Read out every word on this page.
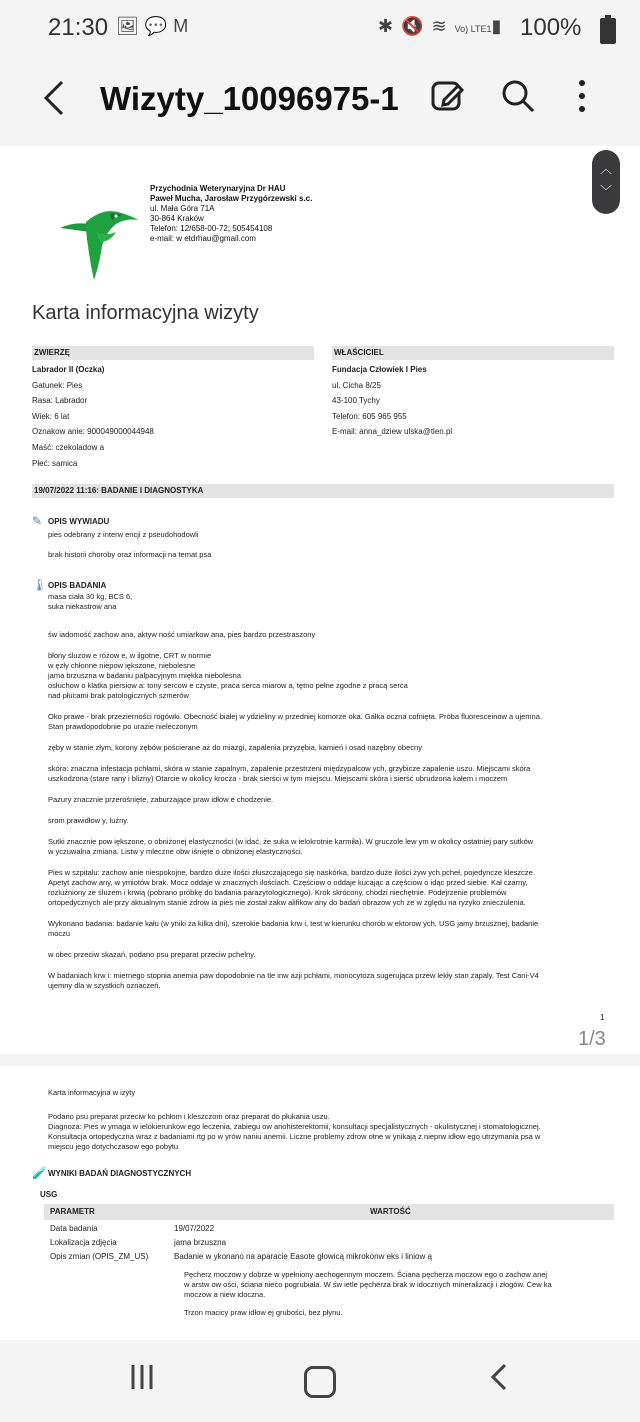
21:30 🖼💬M	✱🔇≋Vo) LTE1▮ 100%
Wizyty_10096975-1
︿
﹀
Przychodnia Weterynaryjna Dr HAU
Paweł Mucha, Jarosław Przygórzewski s.c.
ul. Mała Góra 71A
30-864 Kraków
Telefon: 12/658-00-72; 505454108
e-mail: w etdrhau@gmail.com
Karta informacyjna wizyty
ZWIERZĘ
Labrador II (Oczka)
Gatunek: Pies
Rasa: Labrador
Wiek: 6 lat
Oznakow anie: 900049000044948
Maść: czekoladow a
Płeć: samica
WŁAŚCICIEL
Fundacja Człowiek I Pies
ul. Cicha 8/25
43-100 Tychy
Telefon: 605 965 955
E-mail: anna_dziew ulska@tlen.pl
19/07/2022 11:16: BADANIE I DIAGNOSTYKA
✎ OPIS WYWIADU
pies odebrany z interw encji z pseudohodowli
brak historii choroby oraz informacji na temat psa
🌡 OPIS BADANIA
masa ciała 30 kg, BCS 6,
suka niekastrow ana
św iadomość zachow ana, aktyw ność umiarkow ana, pies bardzo przestraszony
błony śluzow e różow e, w ilgotne, CRT w normie
w ęzły chłonne niepow iększone, niebolesne
jama brzuszna w badaniu palpacyjnym miękka niebolesna
osłuchow o klatka piersiow a: tony sercow e czyste, praca serca miarow a, tętno pełne zgodne z pracą serca
nad płucami brak patologicznych szmerów
Oko prawe - brak przezierności rogówki. Obecność białej w ydzieliny w przedniej komorze oka. Gałka oczna cofnięta. Próba fluoresceinow a ujemna.
Stan prawdopodobnie po urazie nieleczonym
zęby w stanie złym, korony zębów pościerane aż do miazgi, zapalenia przyzębia, kamień i osad nazębny obecny
skóra: znaczna infestacja pchłami, skóra w stanie zapalnym, zapalenie przestrzeni międzypalcow ych, grzybicze zapalenie uszu. Miejscami skóra
uszkodzona (stare rany i blizny) Otarcie w okolicy krocza - brak sierści w tym miejscu. Miejscami skóra i sierść ubrudzona kałem i moczem
Pazury znacznie przerośnięte, zaburzające praw idłow e chodzenie.
srom prawidłow y, luźny.
Sutki znacznie pow iększone, o obniżonej elastyczności (w idać, że suka w ielokrotnie karmiła). W gruczole lew ym w okolicy ostatniej pary sutków
w yczuwalna zmiana. Listw y mleczne obw iśnięte o obniżonej elastyczności.
Pies w szpitalu: zachow anie niespokojne, bardzo duże ilości złuszczającego się naskórka, bardzo duże ilości żyw ych pcheł, pojedyncze kleszcze.
Apetyt zachow any, w ymiotów brak. Mocz oddaje w znacznych ilościach. Częściow o oddaje kucając a częściow o idąc przed siebie. Kał czarny,
rozluźniony ze śluzem i krwią (pobrano próbkę do badania parazytologicznego). Krok skrócony, chodzi niechętnie. Podejrzenie problemów
ortopedycznych ale przy aktualnym stanie zdrow ia pies nie został zakw alifikow any do badań obrazow ych ze w zględu na ryzyko znieczulenia.
Wykonano badania: badanie kału (w yniki za kilka dni), szerokie badania krw i, test w kierunku chorób w ektorow ych, USG jamy brzusznej, badanie
moczu
w obec przeciw skazań, podano psu preparat przeciw pchelny.
W badaniach krw i: miernego stopnia anemia paw dopodobnie na tle inw azji pchłami, monocytoza sugerująca przew lekły stan zapaly. Test Cani-V4
ujemny dla w szystkich oznaczeń.
1
1/3
Karta informacyjna w izyty
Podano psu preparat przeciw ko pchłom i kleszczom oraz preparat do płukania uszu.
Diagnoza: Pies w ymaga w ielokierunkow ego leczenia, zabiegu ow ariohisterektomii, konsultacji specjalistycznych - okulistycznej i stomatologicznej.
Konsultacja ortopedyczna wraz z badaniami rtg po w yrów naniu anemii. Liczne problemy zdrow otne w ynikają z nieprw idłow ego utrzymania psa w
miejscu jego dotychczasow ego pobytu
🧪 WYNIKI BADAŃ DIAGNOSTYCZNYCH
USG
PARAMETR	WARTOŚĆ
Data badania	19/07/2022
Lokalizacja zdjęcia	jama brzuszna
Opis zmian (OPIS_ZM_US)	Badanie w ykonano na aparacie Easote głowicą mikrokonw eks i liniow ą
Pęcherz moczow y dobrze w ypełniony aechogennym moczem. Ściana pęcherza moczow ego o zachow anej
w arstw ow ości, ściana nieco pogrubiała. W św ietle pęcherza brak w idocznych mineralizacji i złogów. Cew ka
moczow a niew idoczna.
Trzon macicy praw idłow ej grubości, bez płynu.
